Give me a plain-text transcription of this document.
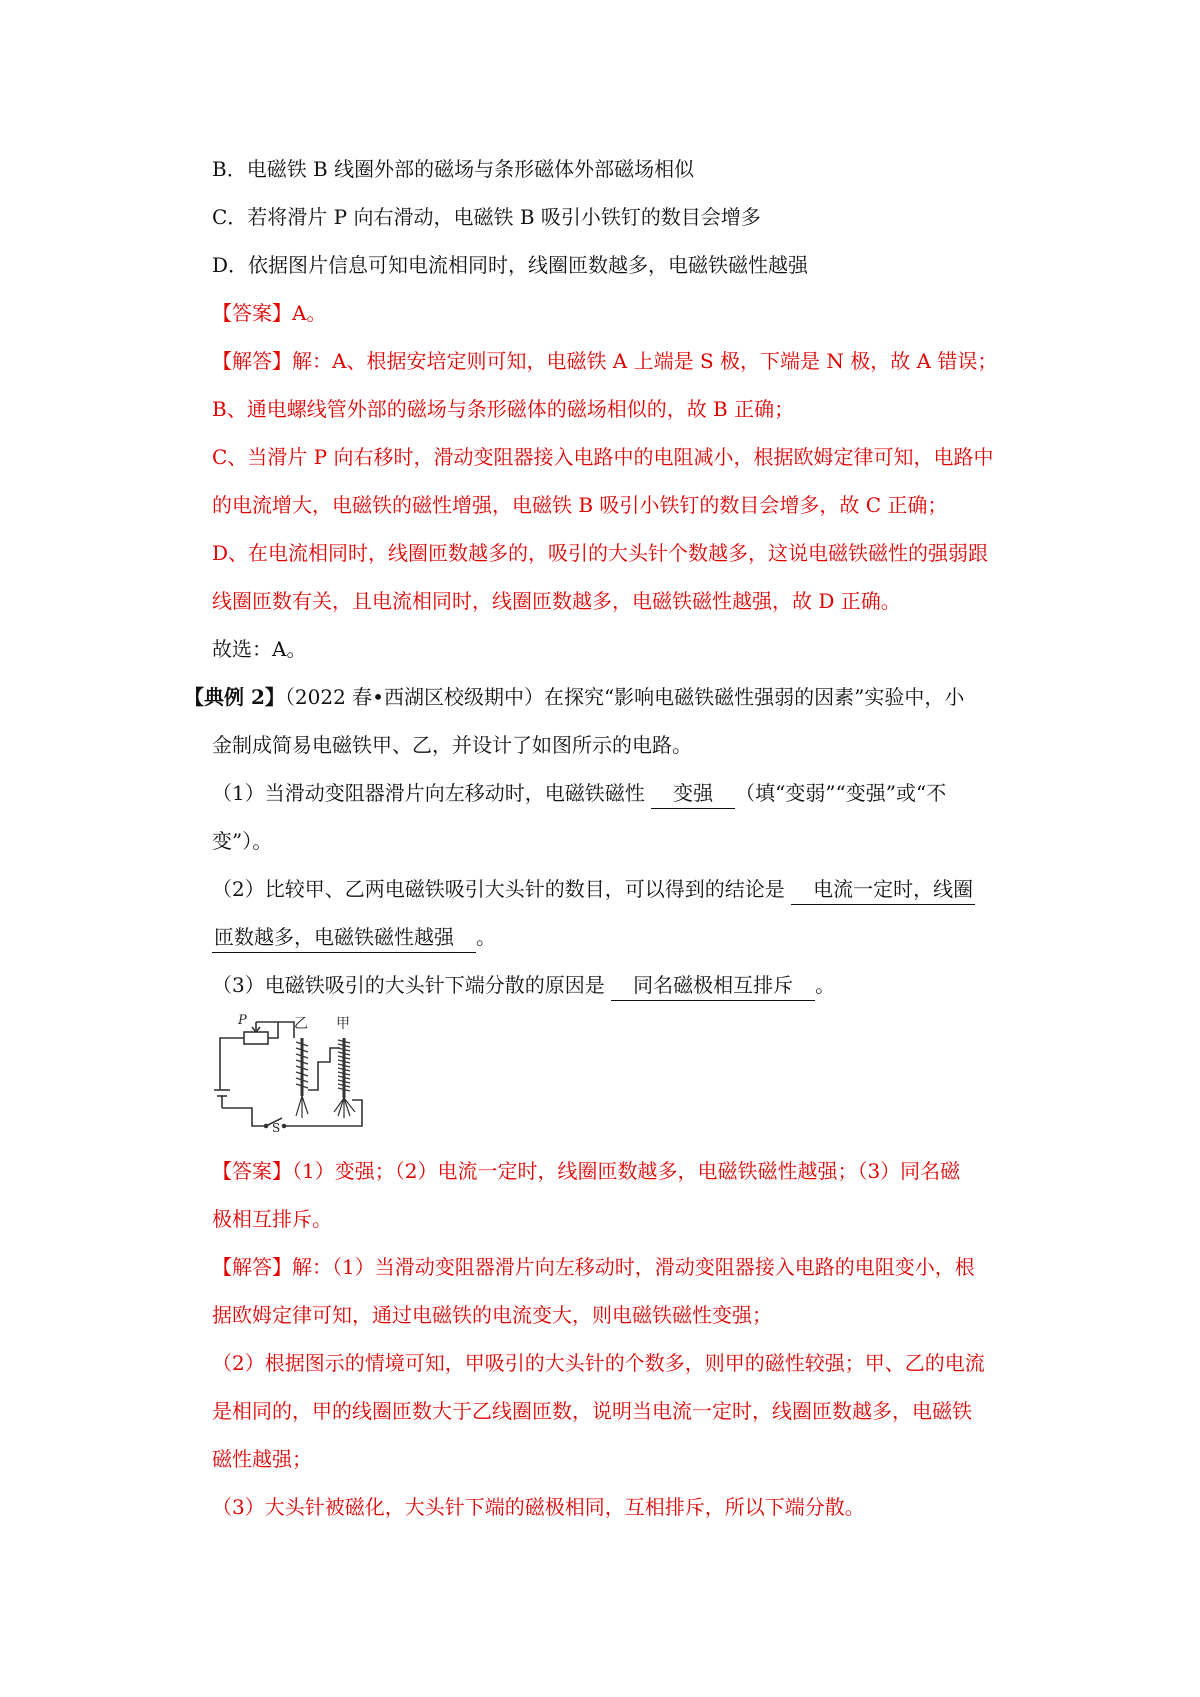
B．电磁铁 B 线圈外部的磁场与条形磁体外部磁场相似
C．若将滑片 P 向右滑动，电磁铁 B 吸引小铁钉的数目会增多
D．依据图片信息可知电流相同时，线圈匝数越多，电磁铁磁性越强
【答案】A。
【解答】解：A、根据安培定则可知，电磁铁 A 上端是 S 极，下端是 N 极，故 A 错误；
B、通电螺线管外部的磁场与条形磁体的磁场相似的，故 B 正确；
C、当滑片 P 向右移时，滑动变阻器接入电路中的电阻减小，根据欧姆定律可知，电路中
的电流增大，电磁铁的磁性增强，电磁铁 B 吸引小铁钉的数目会增多，故 C 正确；
D、在电流相同时，线圈匝数越多的，吸引的大头针个数越多，这说电磁铁磁性的强弱跟
线圈匝数有关，且电流相同时，线圈匝数越多，电磁铁磁性越强，故 D 正确。
故选：A。
【典例 2】（2022 春•西湖区校级期中）在探究“影响电磁铁磁性强弱的因素”实验中，小
金制成简易电磁铁甲、乙，并设计了如图所示的电路。
（1）当滑动变阻器滑片向左移动时，电磁铁磁性 变强 （填“变弱”“变强”或“不
变”）。
（2）比较甲、乙两电磁铁吸引大头针的数目，可以得到的结论是 电流一定时，线圈
匝数越多，电磁铁磁性越强 。
（3）电磁铁吸引的大头针下端分散的原因是 同名磁极相互排斥 。
P	乙 甲
S
【答案】（1）变强；（2）电流一定时，线圈匝数越多，电磁铁磁性越强；（3）同名磁
极相互排斥。
【解答】解：（1）当滑动变阻器滑片向左移动时，滑动变阻器接入电路的电阻变小，根
据欧姆定律可知，通过电磁铁的电流变大，则电磁铁磁性变强；
（2）根据图示的情境可知，甲吸引的大头针的个数多，则甲的磁性较强；甲、乙的电流
是相同的，甲的线圈匝数大于乙线圈匝数，说明当电流一定时，线圈匝数越多，电磁铁
磁性越强；
（3）大头针被磁化，大头针下端的磁极相同，互相排斥，所以下端分散。
